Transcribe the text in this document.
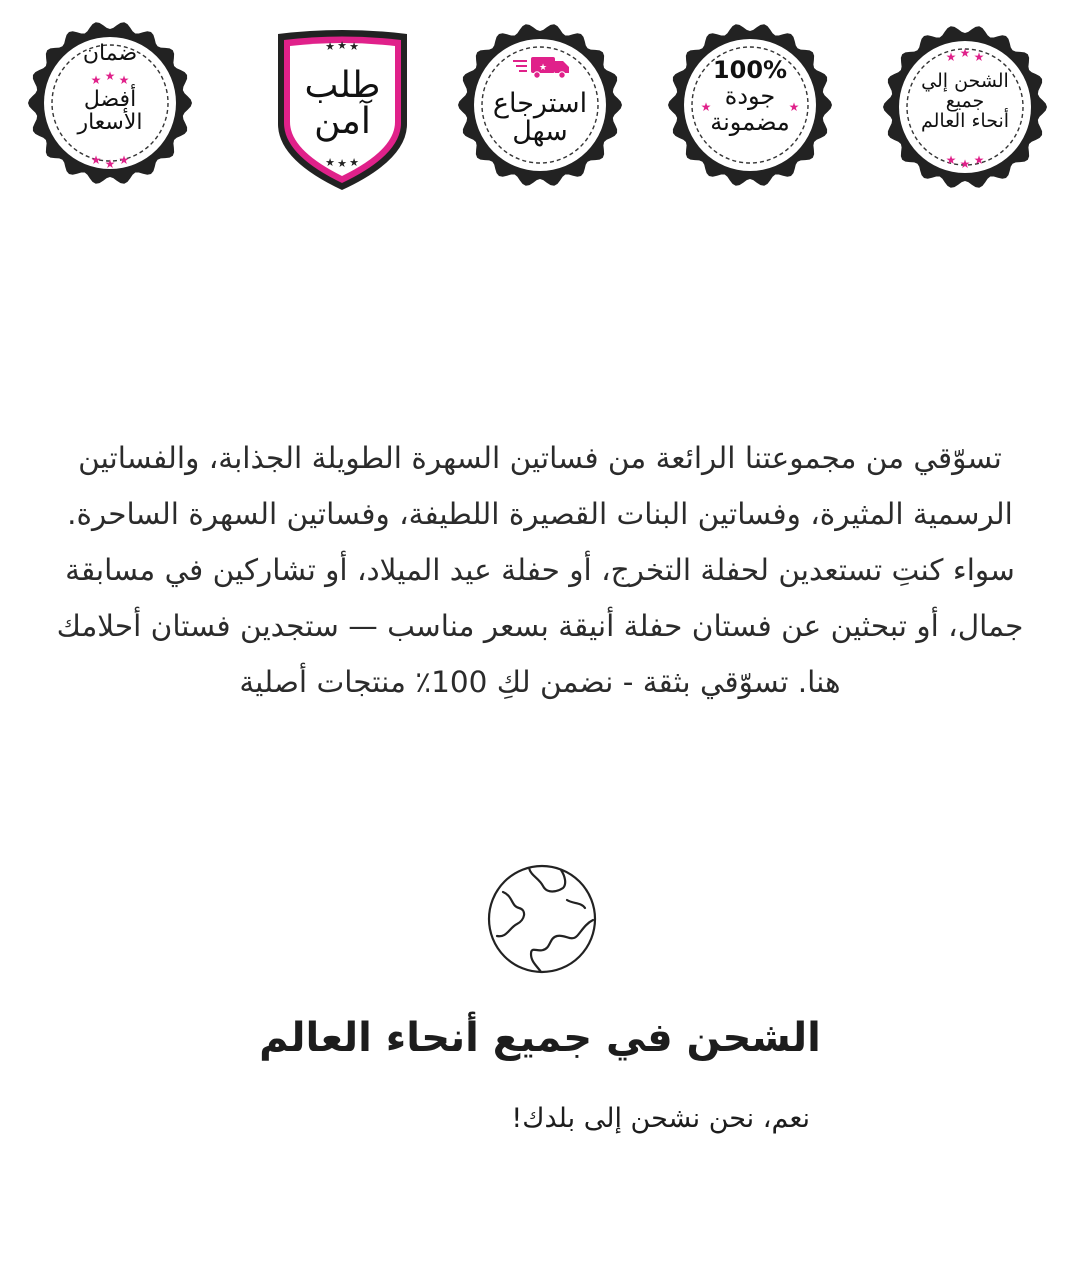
★ ★ ★
★ ★ ★
ضمان
أفضل
الأسعار
★ ★ ★
★ ★ ★
طلب
آمن
★
استرجاع
سهل
★	★
100%
جودة
مضمونة
★ ★ ★
★ ★ ★
الشحن إلي
جميع
أنحاء العالم

تسوّقي من مجموعتنا الرائعة من فساتين السهرة الطويلة الجذابة، والفساتين الرسمية المثيرة، وفساتين البنات القصيرة اللطيفة، وفساتين السهرة الساحرة. سواء كنتِ تستعدين لحفلة التخرج، أو حفلة عيد الميلاد، أو تشاركين في مسابقة جمال، أو تبحثين عن فستان حفلة أنيقة بسعر مناسب — ستجدين فستان أحلامك هنا. تسوّقي بثقة - نضمن لكِ 100٪ منتجات أصلية

الشحن في جميع أنحاء العالم

نعم، نحن نشحن إلى بلدك!
